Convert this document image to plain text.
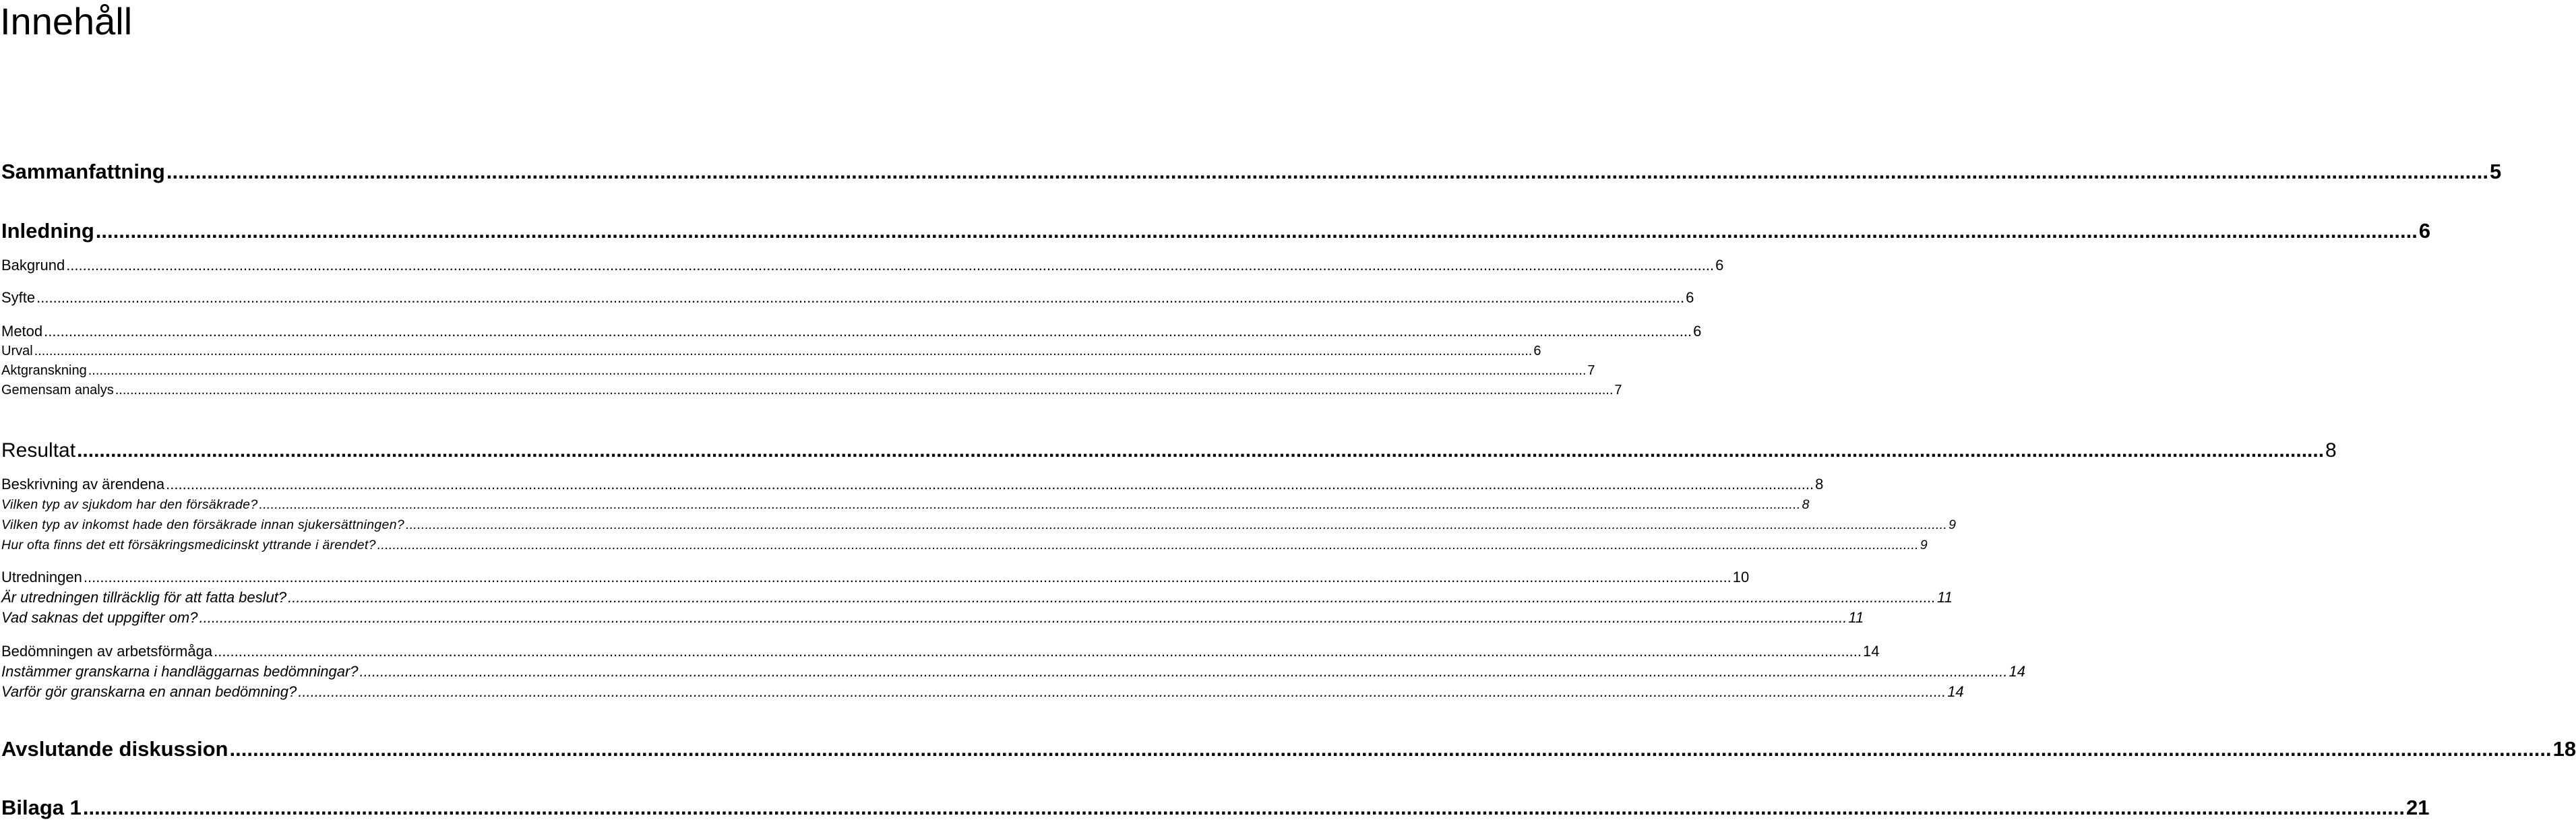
Innehåll
Sammanfattning ................................................................................................................................................................................................................................................................................................................................................................................................................ 5
Inledning ................................................................................................................................................................................................................................................................................................................................................................................................................ 6
Bakgrund ................................................................................................................................................................................................................................................................................................................................................................................................................ 6
Syfte ................................................................................................................................................................................................................................................................................................................................................................................................................ 6
Metod ................................................................................................................................................................................................................................................................................................................................................................................................................ 6
Urval ................................................................................................................................................................................................................................................................................................................................................................................................................ 6
Aktgranskning ................................................................................................................................................................................................................................................................................................................................................................................................................ 7
Gemensam analys ................................................................................................................................................................................................................................................................................................................................................................................................................ 7
Resultat ................................................................................................................................................................................................................................................................................................................................................................................................................ 8
Beskrivning av ärendena ................................................................................................................................................................................................................................................................................................................................................................................................................ 8
Vilken typ av sjukdom har den försäkrade? ................................................................................................................................................................................................................................................................................................................................................................................................................ 8
Vilken typ av inkomst hade den försäkrade innan sjukersättningen? ................................................................................................................................................................................................................................................................................................................................................................................................................ 9
Hur ofta finns det ett försäkringsmedicinskt yttrande i ärendet? ................................................................................................................................................................................................................................................................................................................................................................................................................ 9
Utredningen ................................................................................................................................................................................................................................................................................................................................................................................................................ 10
Är utredningen tillräcklig för att fatta beslut? ................................................................................................................................................................................................................................................................................................................................................................................................................ 11
Vad saknas det uppgifter om? ................................................................................................................................................................................................................................................................................................................................................................................................................ 11
Bedömningen av arbetsförmåga ................................................................................................................................................................................................................................................................................................................................................................................................................ 14
Instämmer granskarna i handläggarnas bedömningar? ................................................................................................................................................................................................................................................................................................................................................................................................................ 14
Varför gör granskarna en annan bedömning? ................................................................................................................................................................................................................................................................................................................................................................................................................ 14
Avslutande diskussion ................................................................................................................................................................................................................................................................................................................................................................................................................ 18
Bilaga 1 ................................................................................................................................................................................................................................................................................................................................................................................................................ 21
